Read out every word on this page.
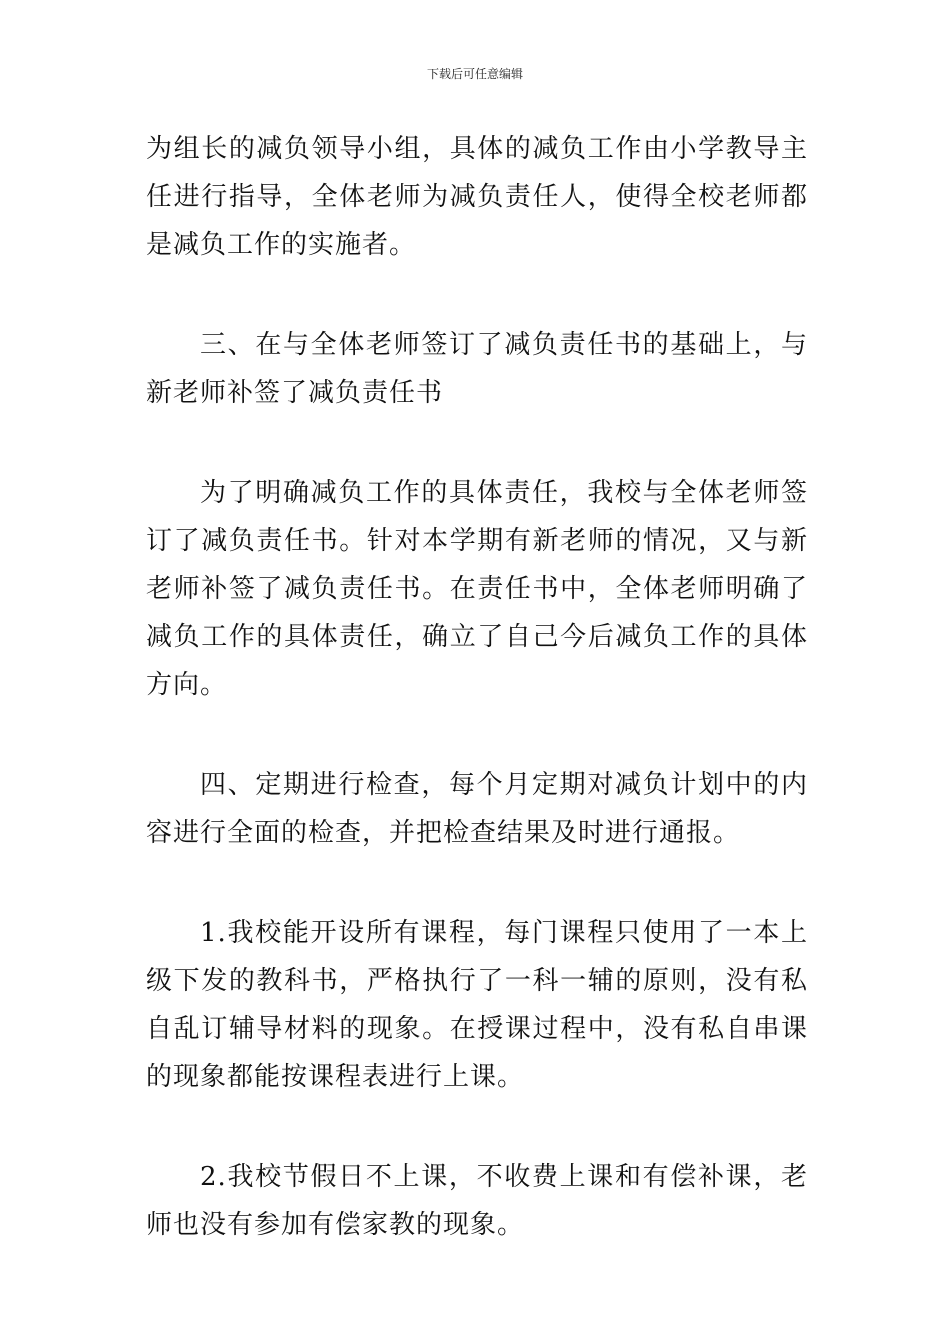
下载后可任意编辑

为组长的减负领导小组，具体的减负工作由小学教导主任进行指导，全体老师为减负责任人，使得全校老师都是减负工作的实施者。

三、在与全体老师签订了减负责任书的基础上，与新老师补签了减负责任书

为了明确减负工作的具体责任，我校与全体老师签订了减负责任书。针对本学期有新老师的情况，又与新老师补签了减负责任书。在责任书中，全体老师明确了减负工作的具体责任，确立了自己今后减负工作的具体方向。

四、定期进行检查，每个月定期对减负计划中的内容进行全面的检查，并把检查结果及时进行通报。

1.我校能开设所有课程，每门课程只使用了一本上级下发的教科书，严格执行了一科一辅的原则，没有私自乱订辅导材料的现象。在授课过程中，没有私自串课的现象都能按课程表进行上课。

2.我校节假日不上课，不收费上课和有偿补课，老师也没有参加有偿家教的现象。
